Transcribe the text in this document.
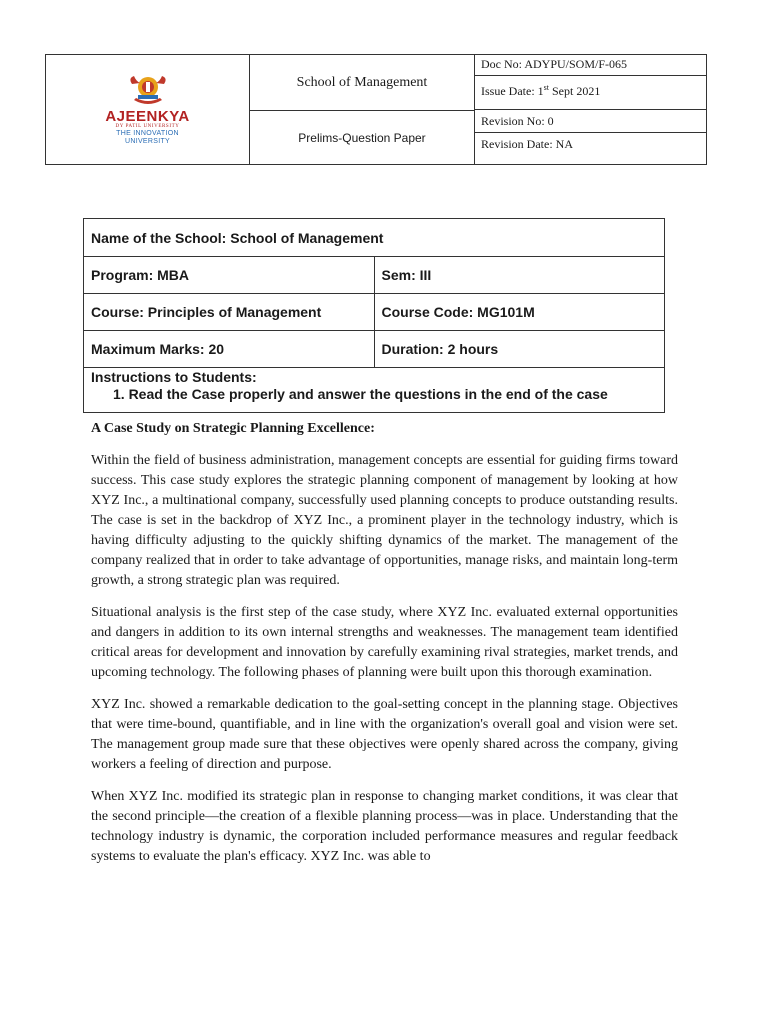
AJEENKYA
DY PATIL UNIVERSITY
THE INNOVATION
UNIVERSITY
School of Management
Prelims-Question Paper
Doc No: ADYPU/SOM/F-065
Issue Date: 1st Sept 2021
Revision No: 0
Revision Date: NA
Name of the School: School of Management	
Program: MBA	Sem: III
Course: Principles of Management	Course Code: MG101M
Maximum Marks: 20	Duration: 2 hours

Instructions to Students:
1. Read the Case properly and answer the questions in the end of the case	
A Case Study on Strategic Planning Excellence:

Within the field of business administration, management concepts are essential for guiding firms toward success. This case study explores the strategic planning component of management by looking at how XYZ Inc., a multinational company, successfully used planning concepts to produce outstanding results. The case is set in the backdrop of XYZ Inc., a prominent player in the technology industry, which is having difficulty adjusting to the quickly shifting dynamics of the market. The management of the company realized that in order to take advantage of opportunities, manage risks, and maintain long-term growth, a strong strategic plan was required.

Situational analysis is the first step of the case study, where XYZ Inc. evaluated external opportunities and dangers in addition to its own internal strengths and weaknesses. The management team identified critical areas for development and innovation by carefully examining rival strategies, market trends, and upcoming technology. The following phases of planning were built upon this thorough examination.

XYZ Inc. showed a remarkable dedication to the goal-setting concept in the planning stage. Objectives that were time-bound, quantifiable, and in line with the organization's overall goal and vision were set. The management group made sure that these objectives were openly shared across the company, giving workers a feeling of direction and purpose.

When XYZ Inc. modified its strategic plan in response to changing market conditions, it was clear that the second principle—the creation of a flexible planning process—was in place. Understanding that the technology industry is dynamic, the corporation included performance measures and regular feedback systems to evaluate the plan's efficacy. XYZ Inc. was able to
